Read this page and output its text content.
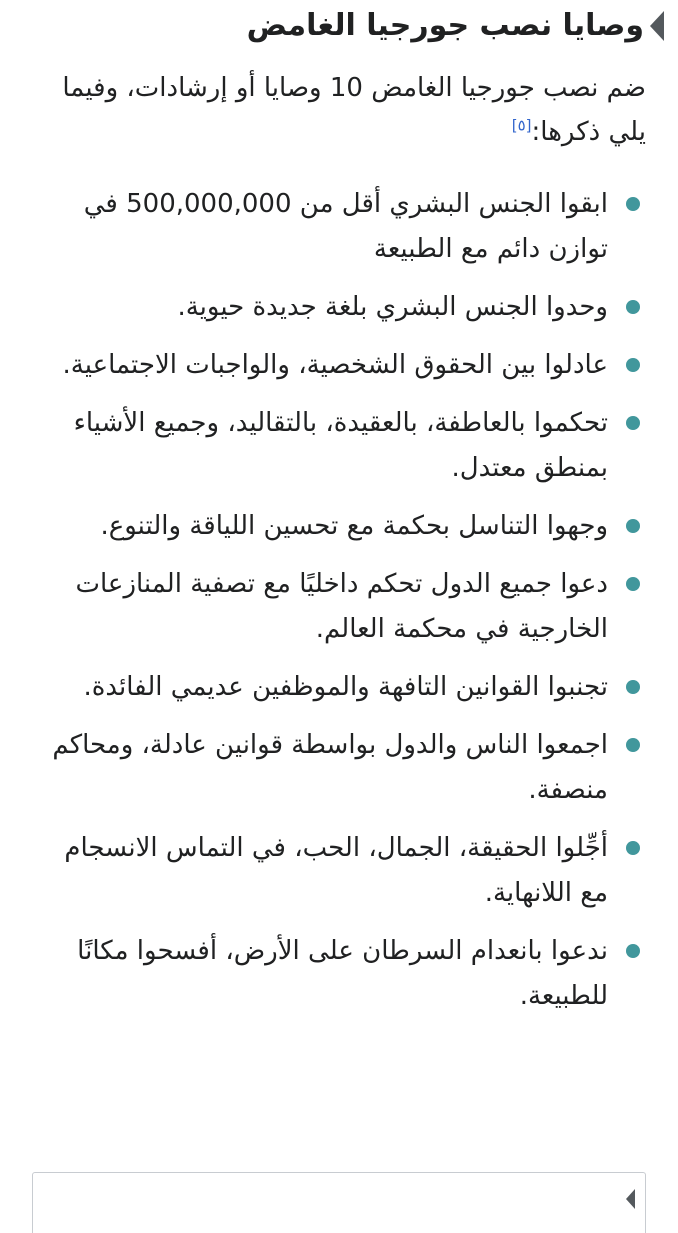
وصايا نصب جورجيا الغامض

ضم نصب جورجيا الغامض 10 وصايا أو إرشادات، وفيما يلي ذكرها:[٥]

ابقوا الجنس البشري أقل من 500,000,000 في توازن دائم مع الطبيعة
وحدوا الجنس البشري بلغة جديدة حيوية.
عادلوا بين الحقوق الشخصية، والواجبات الاجتماعية.
تحكموا بالعاطفة، بالعقيدة، بالتقاليد، وجميع الأشياء بمنطق معتدل.
وجهوا التناسل بحكمة مع تحسين اللياقة والتنوع.
دعوا جميع الدول تحكم داخليًا مع تصفية المنازعات الخارجية في محكمة العالم.
تجنبوا القوانين التافهة والموظفين عديمي الفائدة.
اجمعوا الناس والدول بواسطة قوانين عادلة، ومحاكم منصفة.
أجِّلوا الحقيقة، الجمال، الحب، في التماس الانسجام مع اللانهاية.
ندعوا بانعدام السرطان على الأرض، أفسحوا مكانًا للطبيعة.
